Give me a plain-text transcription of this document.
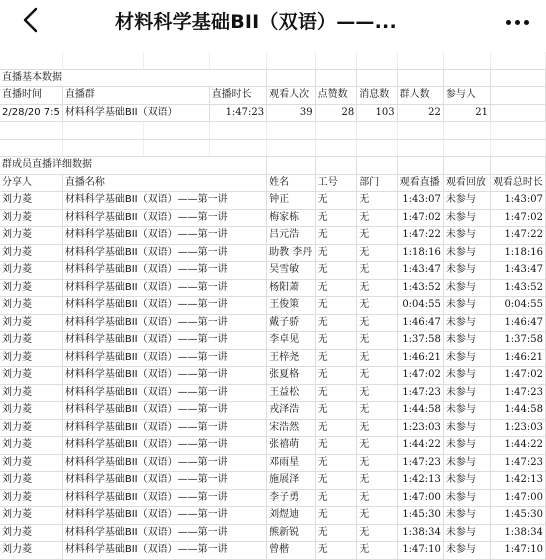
材料科学基础BII（双语）——...

直播基本数据									
直播时间	直播群		直播时长	观看人次	点赞数	消息数	群人数	参与人	
2/28/20 7:5	材料科学基础BII（双语）		1:47:23	39	28	103	22	21	

群成员直播详细数据									
分享人	直播名称			姓名	工号	部门	观看直播	观看回放	观看总时长
刘力菱	材料科学基础BII（双语）——第一讲			钟正	无	无	1:43:07	未参与	1:43:07
刘力菱	材料科学基础BII（双语）——第一讲			梅家栋	无	无	1:47:02	未参与	1:47:02
刘力菱	材料科学基础BII（双语）——第一讲			吕元浩	无	无	1:47:22	未参与	1:47:22
刘力菱	材料科学基础BII（双语）——第一讲			助教 李丹	无	无	1:18:16	未参与	1:18:16
刘力菱	材料科学基础BII（双语）——第一讲			吴雪敏	无	无	1:43:47	未参与	1:43:47
刘力菱	材料科学基础BII（双语）——第一讲			杨阳萧	无	无	1:43:52	未参与	1:43:52
刘力菱	材料科学基础BII（双语）——第一讲			王俊策	无	无	0:04:55	未参与	0:04:55
刘力菱	材料科学基础BII（双语）——第一讲			戴子骄	无	无	1:46:47	未参与	1:46:47
刘力菱	材料科学基础BII（双语）——第一讲			李卓见	无	无	1:37:58	未参与	1:37:58
刘力菱	材料科学基础BII（双语）——第一讲			王梓尧	无	无	1:46:21	未参与	1:46:21
刘力菱	材料科学基础BII（双语）——第一讲			张夏格	无	无	1:47:02	未参与	1:47:02
刘力菱	材料科学基础BII（双语）——第一讲			王益松	无	无	1:47:23	未参与	1:47:23
刘力菱	材料科学基础BII（双语）——第一讲			戎泽浩	无	无	1:44:58	未参与	1:44:58
刘力菱	材料科学基础BII（双语）——第一讲			宋浩然	无	无	1:23:03	未参与	1:23:03
刘力菱	材料科学基础BII（双语）——第一讲			张禧萌	无	无	1:44:22	未参与	1:44:22
刘力菱	材料科学基础BII（双语）——第一讲			邓雨星	无	无	1:47:23	未参与	1:47:23
刘力菱	材料科学基础BII（双语）——第一讲			施展泽	无	无	1:42:13	未参与	1:42:13
刘力菱	材料科学基础BII（双语）——第一讲			李子勇	无	无	1:47:00	未参与	1:47:00
刘力菱	材料科学基础BII（双语）——第一讲			刘煜迪	无	无	1:45:30	未参与	1:45:30
刘力菱	材料科学基础BII（双语）——第一讲			熊新锐	无	无	1:38:34	未参与	1:38:34
刘力菱	材料科学基础BII（双语）——第一讲			曾楷	无	无	1:47:10	未参与	1:47:10
